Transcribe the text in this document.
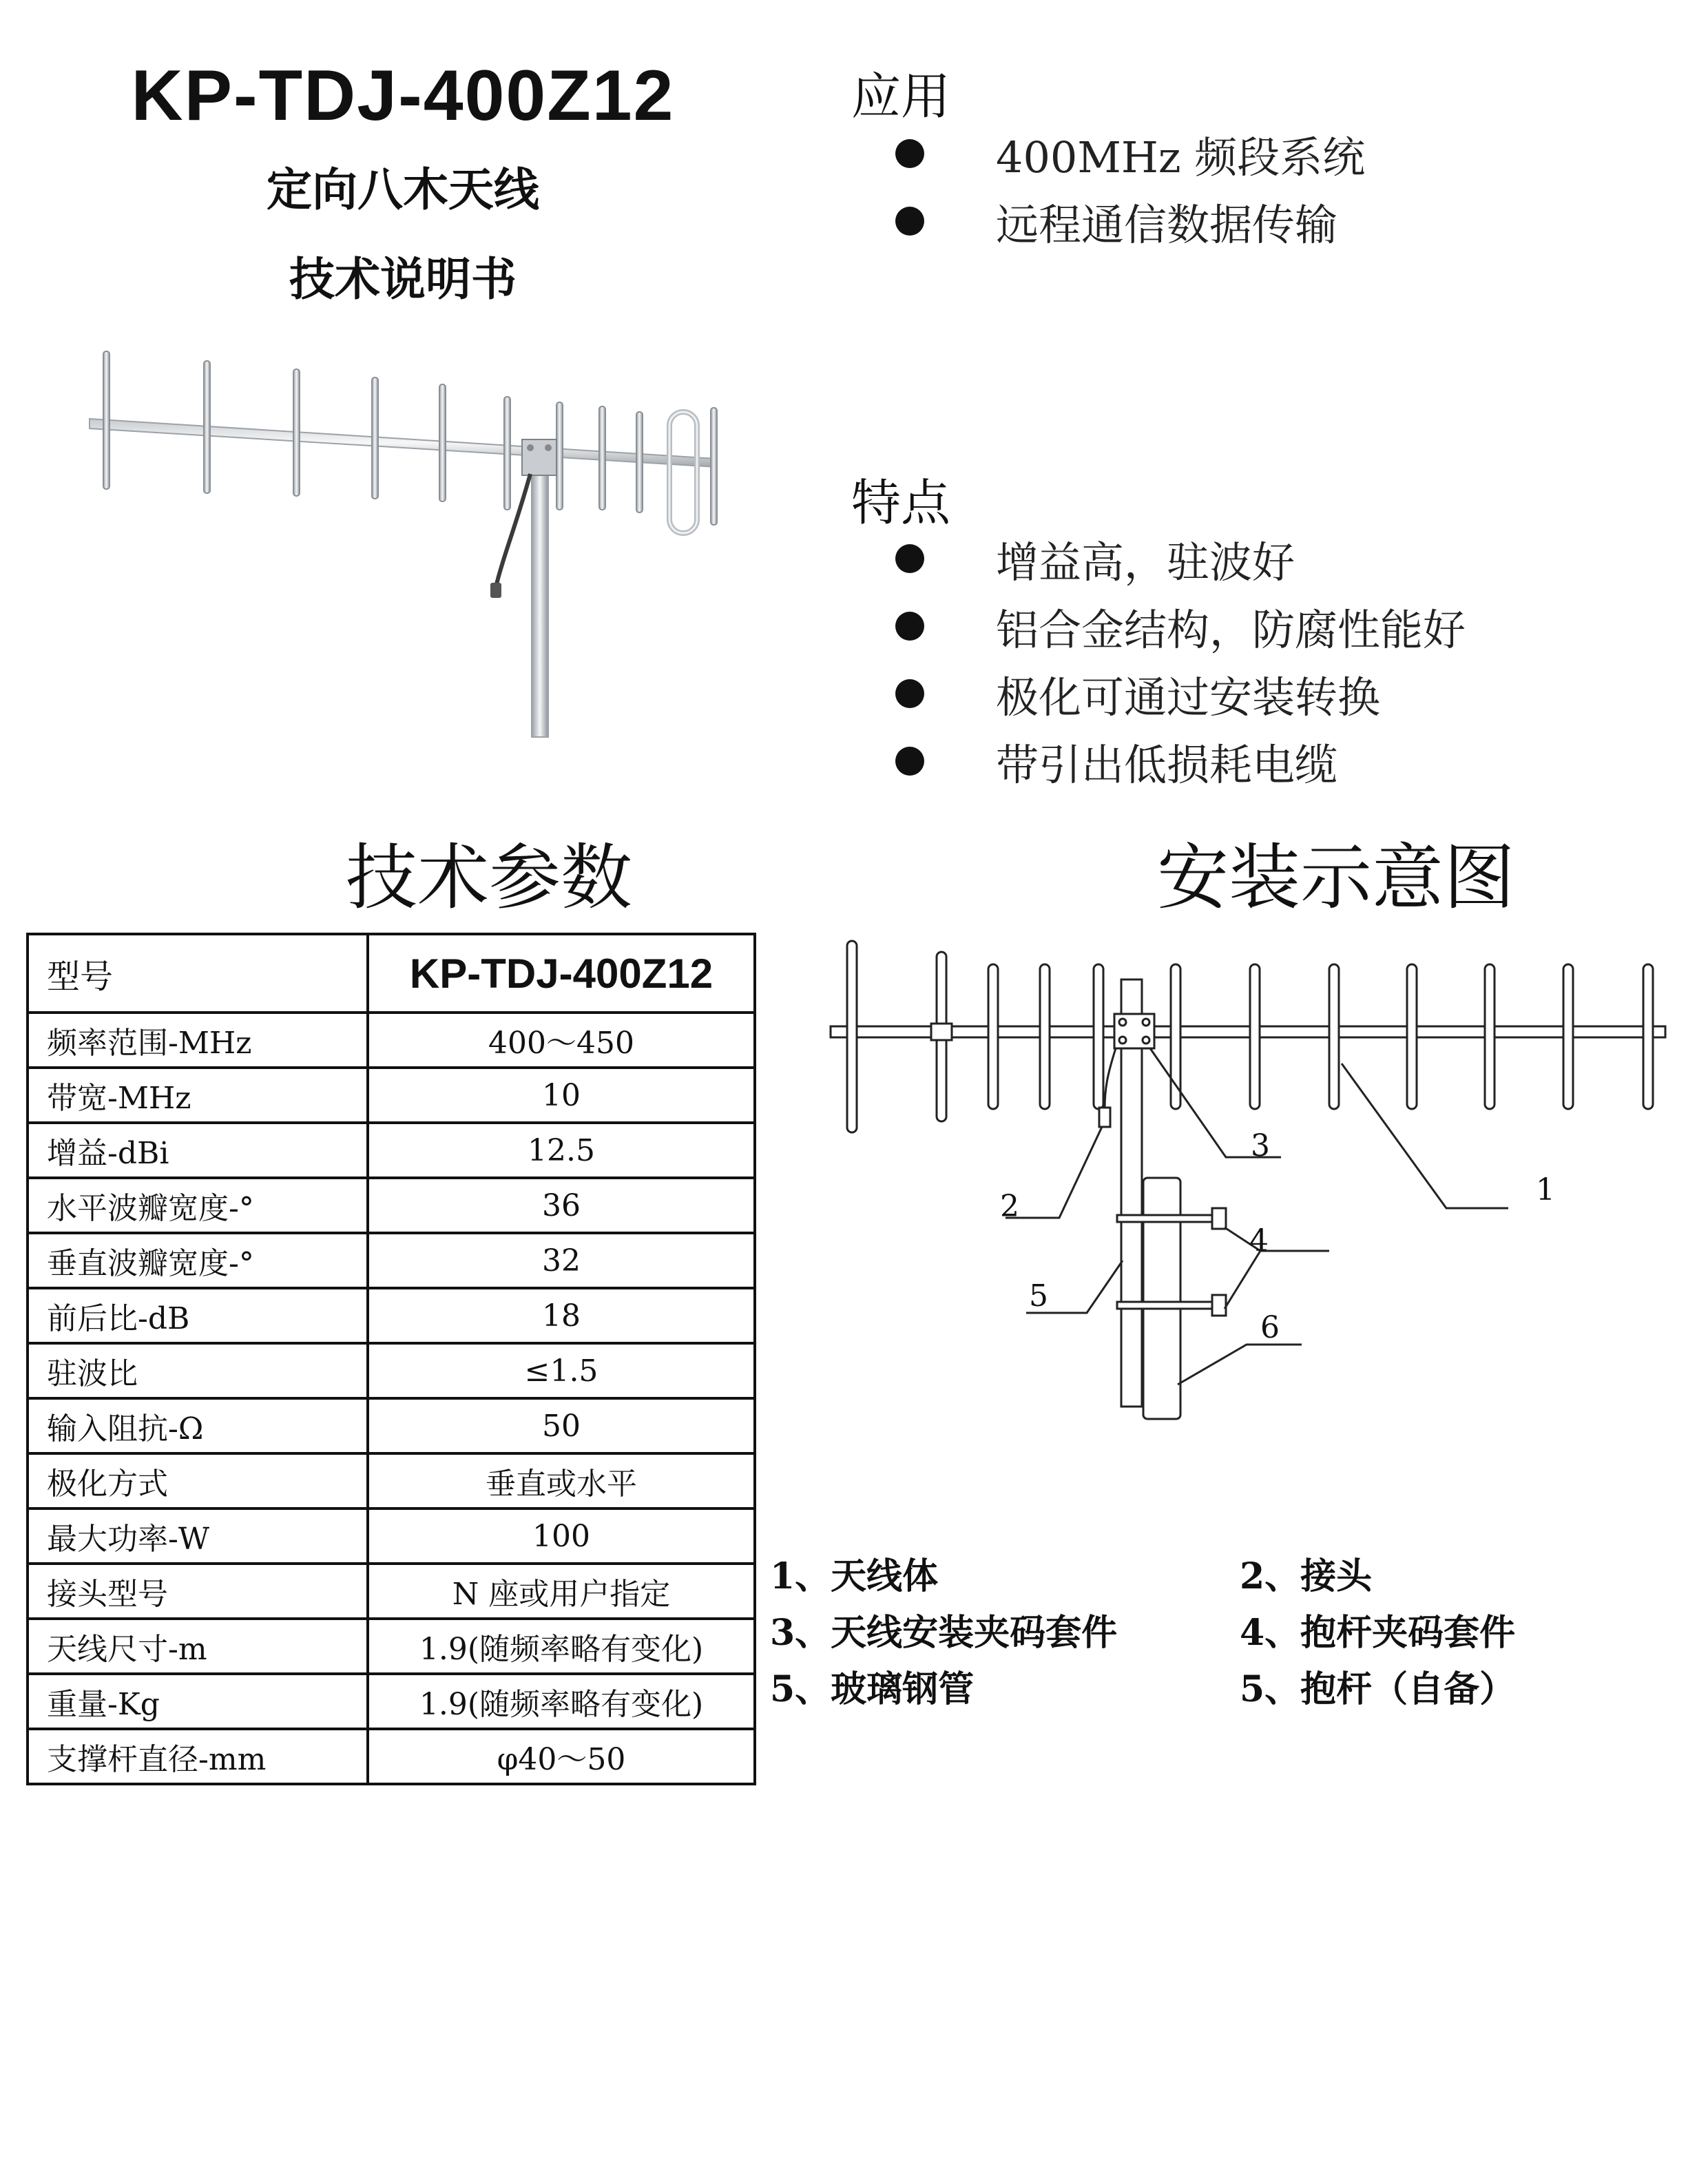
KP-TDJ-400Z12
定向八木天线
技术说明书
应用
400MHz 频段系统
远程通信数据传输
特点
增益高，驻波好
铝合金结构，防腐性能好
极化可通过安装转换
带引出低损耗电缆
技术参数	安装示意图
型号	KP-TDJ-400Z12
频率范围-MHz	400～450
带宽-MHz	10
增益-dBi	12.5
水平波瓣宽度-°	36
垂直波瓣宽度-°	32
前后比-dB	18
驻波比	≤1.5
输入阻抗-Ω	50
极化方式	垂直或水平
最大功率-W	100
接头型号	N 座或用户指定
天线尺寸-m	1.9(随频率略有变化)
重量-Kg	1.9(随频率略有变化)
支撑杆直径-mm	φ40～50
2
3
1
4
5
6
1、天线体	2、接头
3、天线安装夹码套件	4、抱杆夹码套件
5、玻璃钢管	5、抱杆（自备）
